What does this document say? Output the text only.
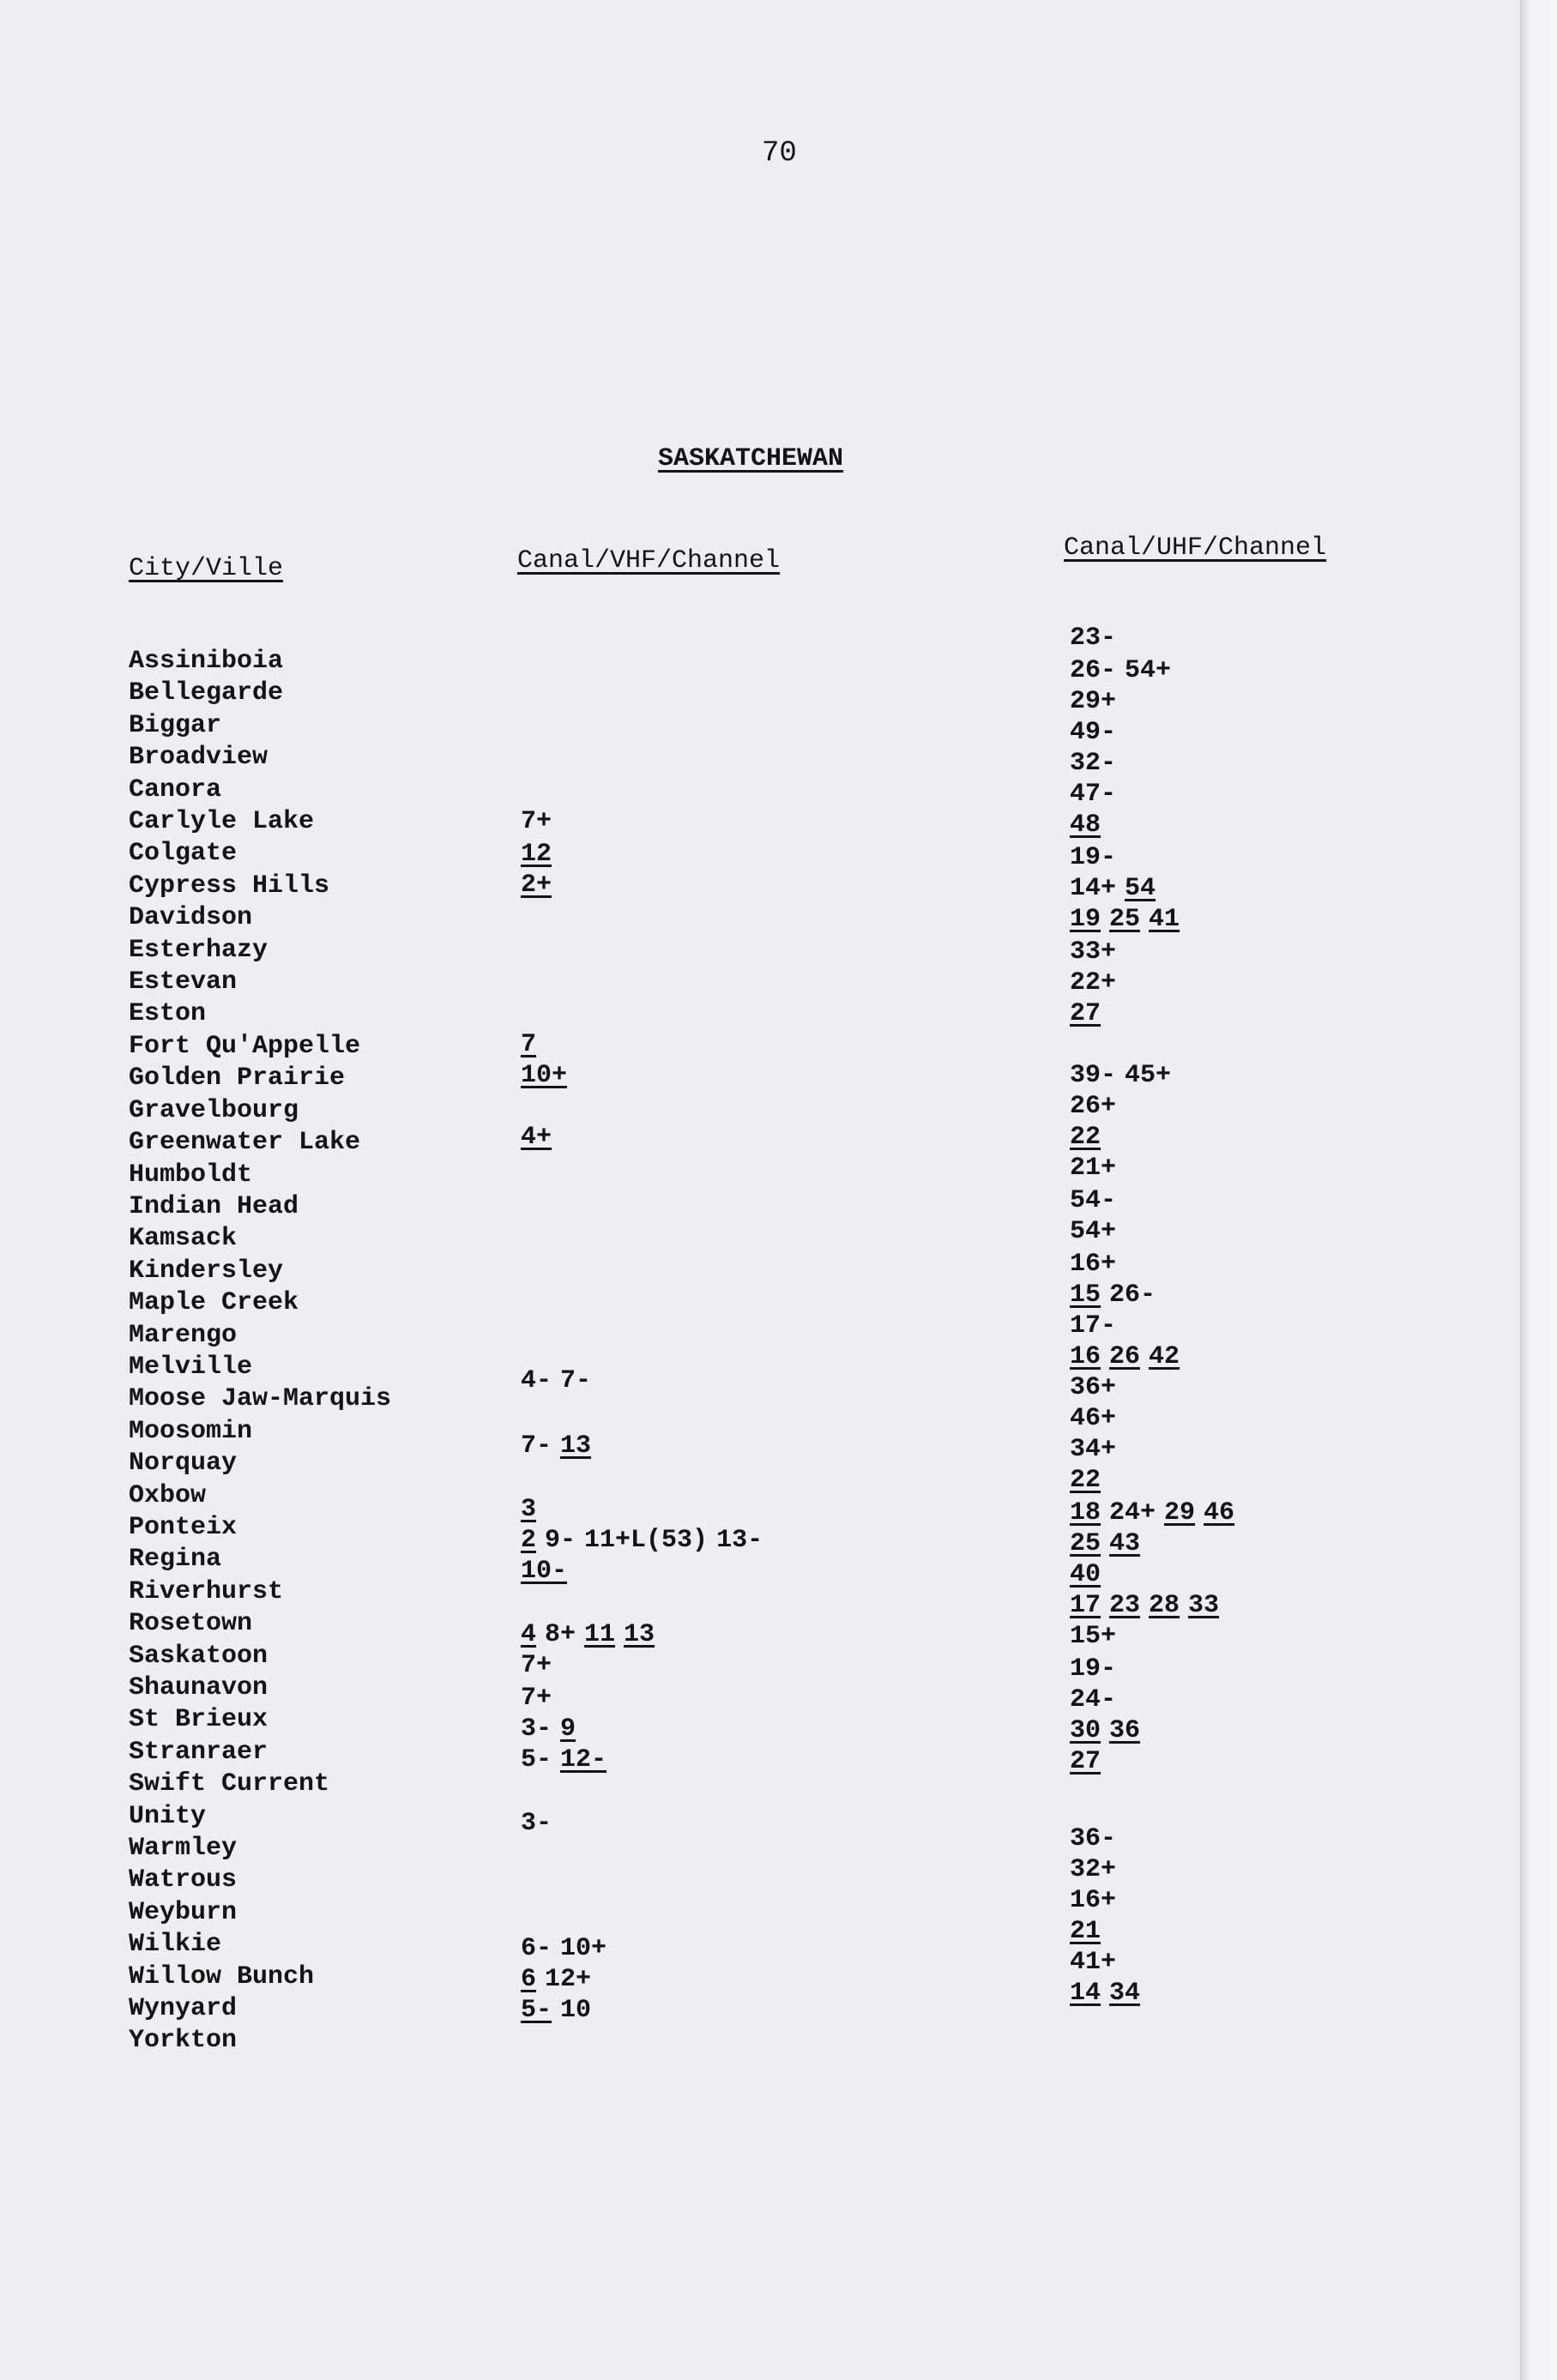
70
SASKATCHEWAN
City/Ville	Canal/VHF/Channel	Canal/UHF/Channel
Assiniboia
Bellegarde
Biggar
Broadview
Canora
Carlyle Lake
Colgate
Cypress Hills
Davidson
Esterhazy
Estevan
Eston
Fort Qu'Appelle
Golden Prairie
Gravelbourg
Greenwater Lake
Humboldt
Indian Head
Kamsack
Kindersley
Maple Creek
Marengo
Melville
Moose Jaw-Marquis
Moosomin
Norquay
Oxbow
Ponteix
Regina
Riverhurst
Rosetown
Saskatoon
Shaunavon
St Brieux
Stranraer
Swift Current
Unity
Warmley
Watrous
Weyburn
Wilkie
Willow Bunch
Wynyard
Yorkton
7+
12
2+
7
10+
4+
4- 7-
7- 13
3
2 9- 11+L(53) 13-
10-
4 8+ 11 13
7+
7+
3- 9
5- 12-
3-
6- 10+
6 12+
5- 10
23-
26- 54+
29+
49-
32-
47-
48
19-
14+ 54
19 25 41
33+
22+
27
39- 45+
26+
22
21+
54-
54+
16+
15 26-
17-
16 26 42
36+
46+
34+
22
18 24+ 29 46
25 43
40
17 23 28 33
15+
19-
24-
30 36
27
36-
32+
16+
21
41+
14 34
